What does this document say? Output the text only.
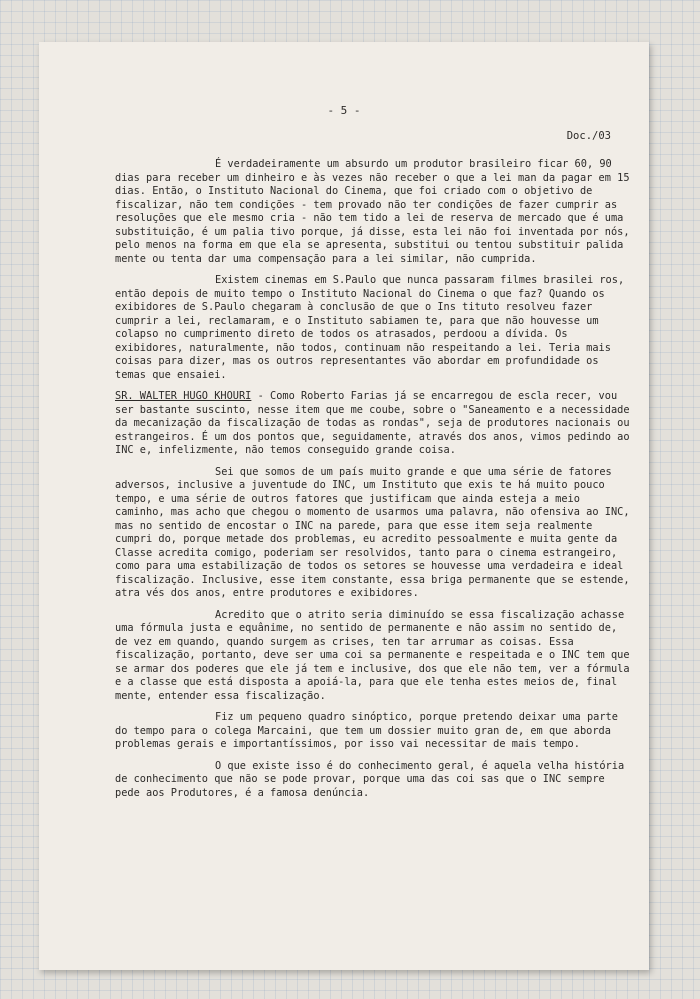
- 5 -
Doc./03

É verdadeiramente um absurdo um produtor brasileiro ficar 60, 90 dias para receber um dinheiro e às vezes não receber o que a lei man da pagar em 15 dias. Então, o Instituto Nacional do Cinema, que foi criado com o objetivo de fiscalizar, não tem condições - tem provado não ter condições de fazer cumprir as resoluções que ele mesmo cria - não tem tido a lei de reserva de mercado que é uma substituição, é um palia tivo porque, já disse, esta lei não foi inventada por nós, pelo menos na forma em que ela se apresenta, substitui ou tentou substituir palida mente ou tenta dar uma compensação para a lei similar, não cumprida.

Existem cinemas em S.Paulo que nunca passaram filmes brasilei ros, então depois de muito tempo o Instituto Nacional do Cinema o que faz? Quando os exibidores de S.Paulo chegaram à conclusão de que o Ins tituto resolveu fazer cumprir a lei, reclamaram, e o Instituto sabiamen te, para que não houvesse um colapso no cumprimento direto de todos os atrasados, perdoou a dívida. Os exibidores, naturalmente, não todos, continuam não respeitando a lei. Teria mais coisas para dizer, mas os outros representantes vão abordar em profundidade os temas que ensaiei.

SR. WALTER HUGO KHOURI - Como Roberto Farias já se encarregou de escla recer, vou ser bastante suscinto, nesse item que me coube, sobre o "Saneamento e a necessidade da mecanização da fiscalização de todas as rondas", seja de produtores nacionais ou estrangeiros. É um dos pontos que, seguidamente, através dos anos, vimos pedindo ao INC e, infelizmente, não temos conseguido grande coisa.

Sei que somos de um país muito grande e que uma série de fatores adversos, inclusive a juventude do INC, um Instituto que exis te há muito pouco tempo, e uma série de outros fatores que justificam que ainda esteja a meio caminho, mas acho que chegou o momento de usarmos uma palavra, não ofensiva ao INC, mas no sentido de encostar o INC na parede, para que esse item seja realmente cumpri do, porque metade dos problemas, eu acredito pessoalmente e muita gente da Classe acredita comigo, poderiam ser resolvidos, tanto para o cinema estrangeiro, como para uma estabilização de todos os setores se houvesse uma verdadeira e ideal fiscalização. Inclusive, esse item constante, essa briga permanente que se estende, atra vés dos anos, entre produtores e exibidores.

Acredito que o atrito seria diminuído se essa fiscalização achasse uma fórmula justa e equânime, no sentido de permanente e não assim no sentido de, de vez em quando, quando surgem as crises, ten tar arrumar as coisas. Essa fiscalização, portanto, deve ser uma coi sa permanente e respeitada e o INC tem que se armar dos poderes que ele já tem e inclusive, dos que ele não tem, ver a fórmula e a classe que está disposta a apoiá-la, para que ele tenha estes meios de, final mente, entender essa fiscalização.

Fiz um pequeno quadro sinóptico, porque pretendo deixar uma parte do tempo para o colega Marcaini, que tem um dossier muito gran de, em que aborda problemas gerais e importantíssimos, por isso vai necessitar de mais tempo.

O que existe isso é do conhecimento geral, é aquela velha história de conhecimento que não se pode provar, porque uma das coi sas que o INC sempre pede aos Produtores, é a famosa denúncia.
